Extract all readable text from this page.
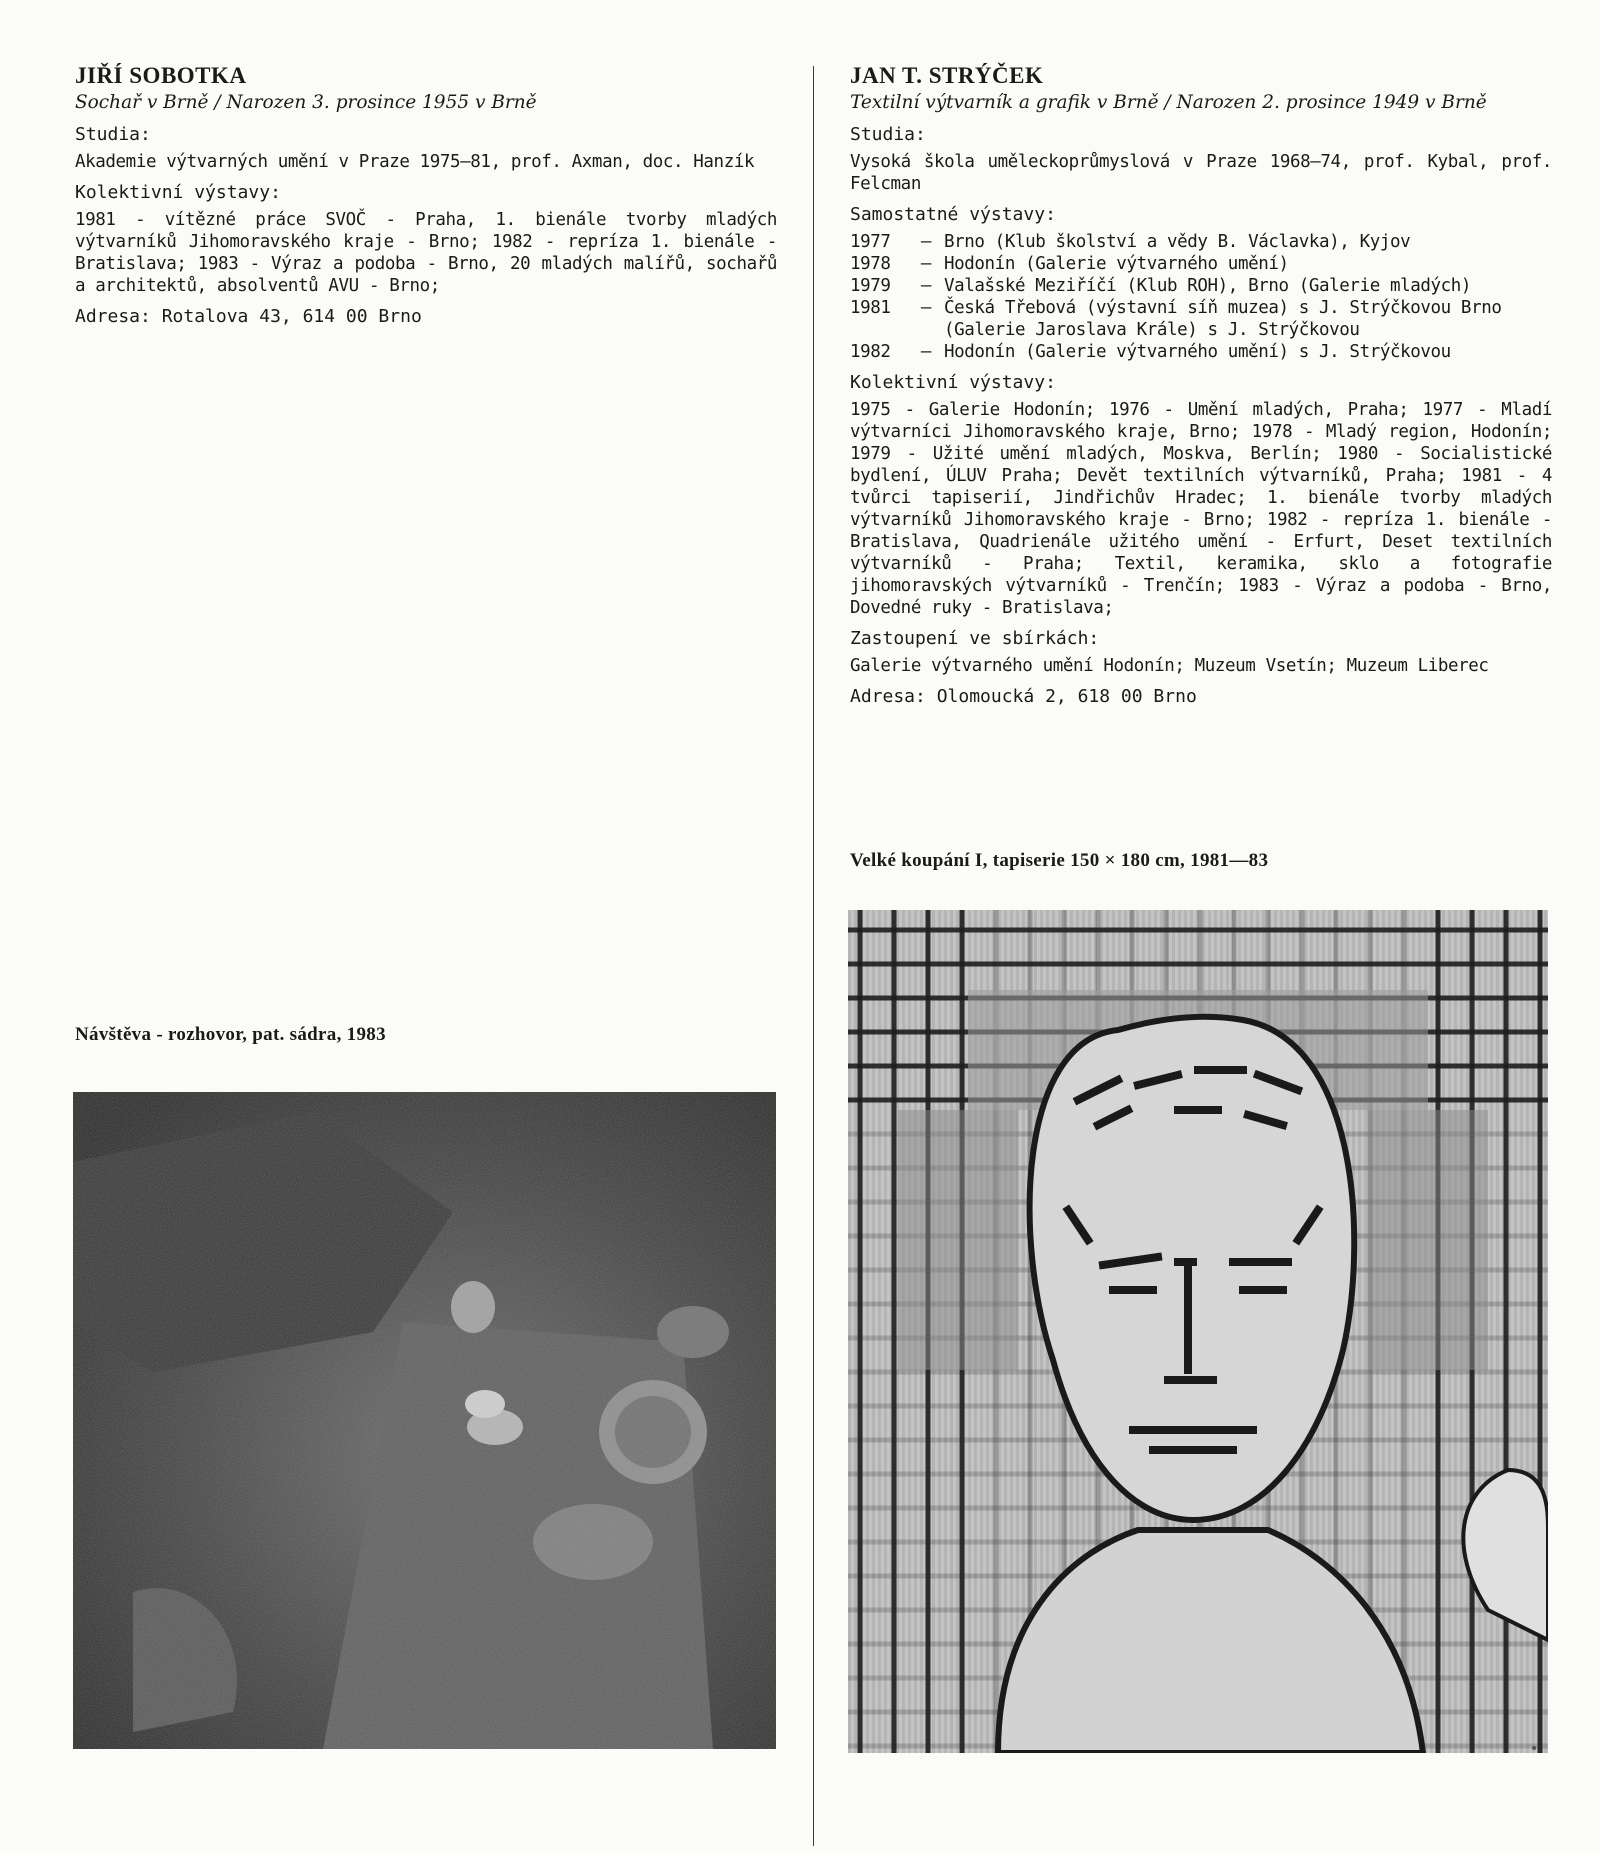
JIŘÍ SOBOTKA

Sochař v Brně / Narozen 3. prosince 1955 v Brně

Studia:

Akademie výtvarných umění v Praze 1975—81, prof. Axman, doc. Hanzík

Kolektivní výstavy:

1981 - vítězné práce SVOČ - Praha, 1. bienále tvorby mladých výtvarníků Jihomoravského kraje - Brno; 1982 - repríza 1. bienále - Bratislava; 1983 - Výraz a podoba - Brno, 20 mladých malířů, sochařů a architektů, absolventů AVU - Brno;

Adresa: Rotalova 43, 614 00 Brno

Návštěva - rozhovor, pat. sádra, 1983

JAN T. STRÝČEK

Textilní výtvarník a grafik v Brně / Narozen 2. prosince 1949 v Brně

Studia:

Vysoká škola uměleckoprůmyslová v Praze 1968—74, prof. Kybal, prof. Felcman

Samostatné výstavy:

1977	— Brno (Klub školství a vědy B. Václavka), Kyjov
1978	— Hodonín (Galerie výtvarného umění)
1979	— Valašské Meziříčí (Klub ROH), Brno (Galerie mladých)
1981	— Česká Třebová (výstavní síň muzea) s J. Strýčkovou Brno (Galerie Jaroslava Krále) s J. Strýčkovou
1982	— Hodonín (Galerie výtvarného umění) s J. Strýčkovou

Kolektivní výstavy:

1975 - Galerie Hodonín; 1976 - Umění mladých, Praha; 1977 - Mladí výtvarníci Jihomoravského kraje, Brno; 1978 - Mladý region, Hodonín; 1979 - Užité umění mladých, Moskva, Berlín; 1980 - Socialistické bydlení, ÚLUV Praha; Devět textilních výtvarníků, Praha; 1981 - 4 tvůrci tapiserií, Jindřichův Hradec; 1. bienále tvorby mladých výtvarníků Jihomoravského kraje - Brno; 1982 - repríza 1. bienále - Bratislava, Quadrienále užitého umění - Erfurt, Deset textilních výtvarníků - Praha; Textil, keramika, sklo a fotografie jihomoravských výtvarníků - Trenčín; 1983 - Výraz a podoba - Brno, Dovedné ruky - Bratislava;

Zastoupení ve sbírkách:

Galerie výtvarného umění Hodonín; Muzeum Vsetín; Muzeum Liberec

Adresa: Olomoucká 2, 618 00 Brno

Velké koupání I, tapiserie 150 × 180 cm, 1981—83

•
